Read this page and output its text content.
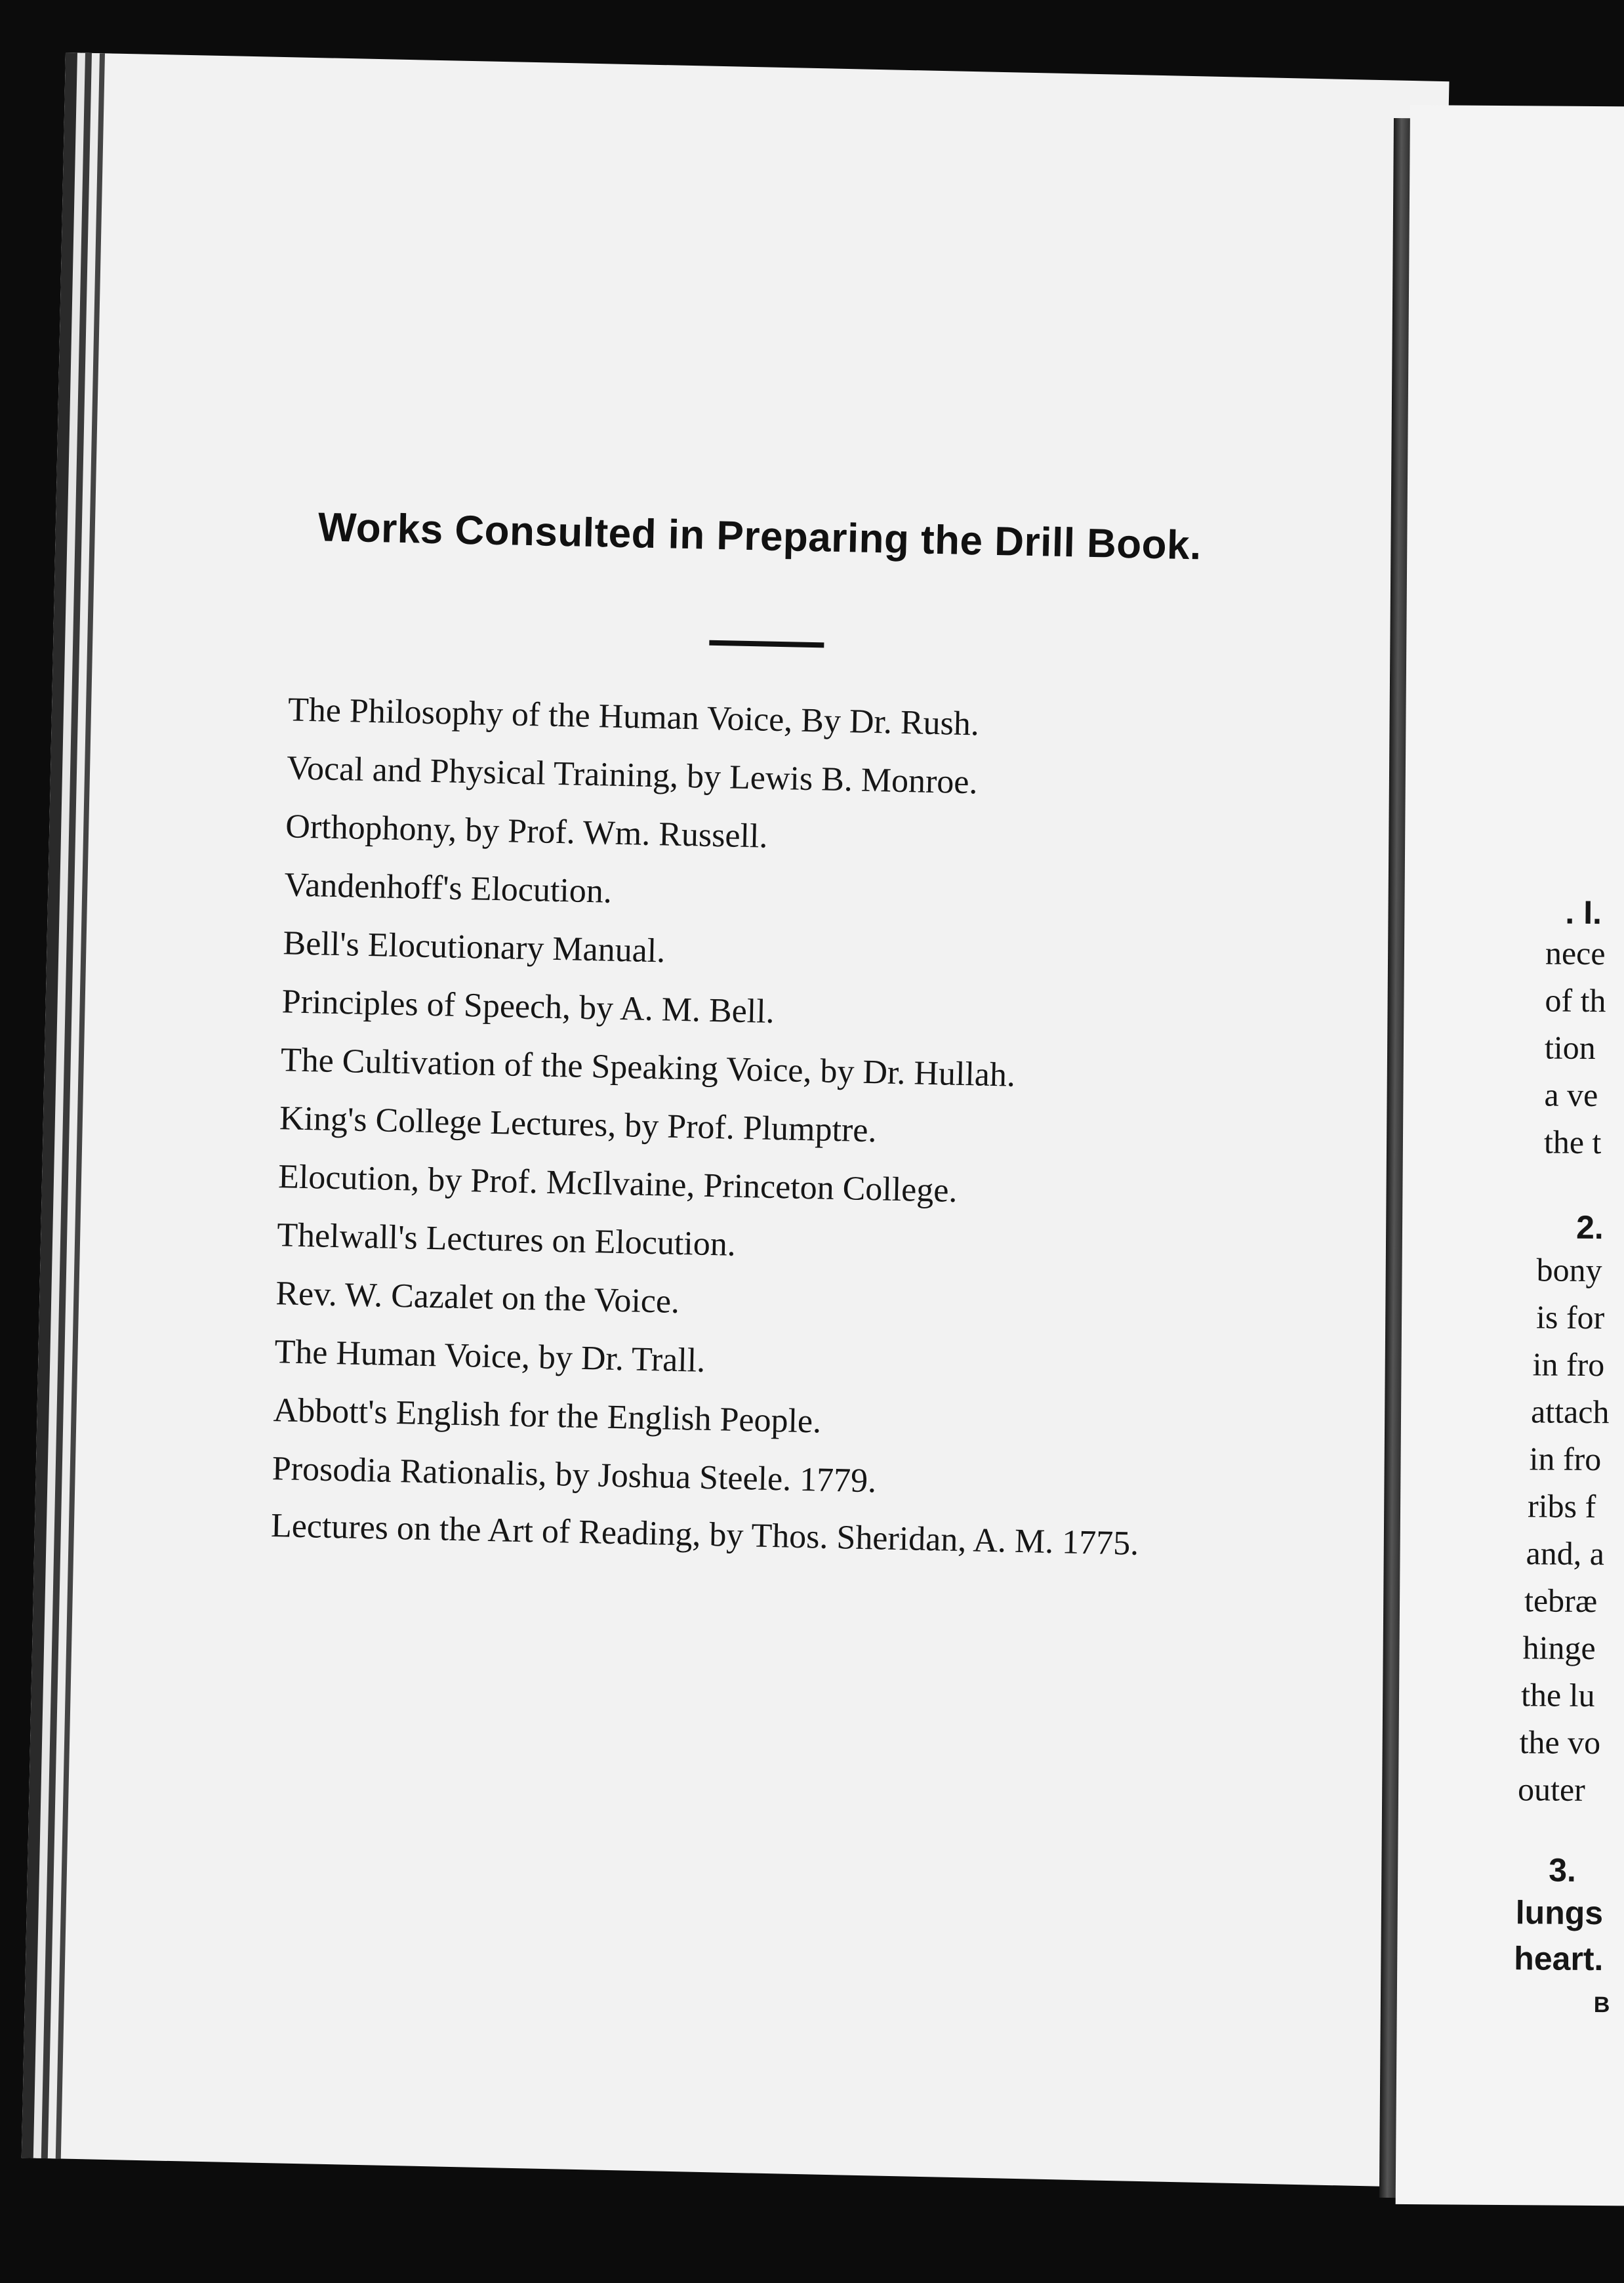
Works Consulted in Preparing the Drill Book.
The Philosophy of the Human Voice, By Dr. Rush.
Vocal and Physical Training, by Lewis B. Monroe.
Orthophony, by Prof. Wm. Russell.
Vandenhoff's Elocution.
Bell's Elocutionary Manual.
Principles of Speech, by A. M. Bell.
The Cultivation of the Speaking Voice, by Dr. Hullah.
King's College Lectures, by Prof. Plumptre.
Elocution, by Prof. McIlvaine, Princeton College.
Thelwall's Lectures on Elocution.
Rev. W. Cazalet on the Voice.
The Human Voice, by Dr. Trall.
Abbott's English for the English People.
Prosodia Rationalis, by Joshua Steele. 1779.
Lectures on the Art of Reading, by Thos. Sheridan, A. M. 1775.
. I.
nece
of th
tion
a ve
the t
2.
bony
is for
in fro
attach
in fro
ribs f
and, a
tebræ
hinge
the lu
the vo
outer
3.
lungs
heart.
B
